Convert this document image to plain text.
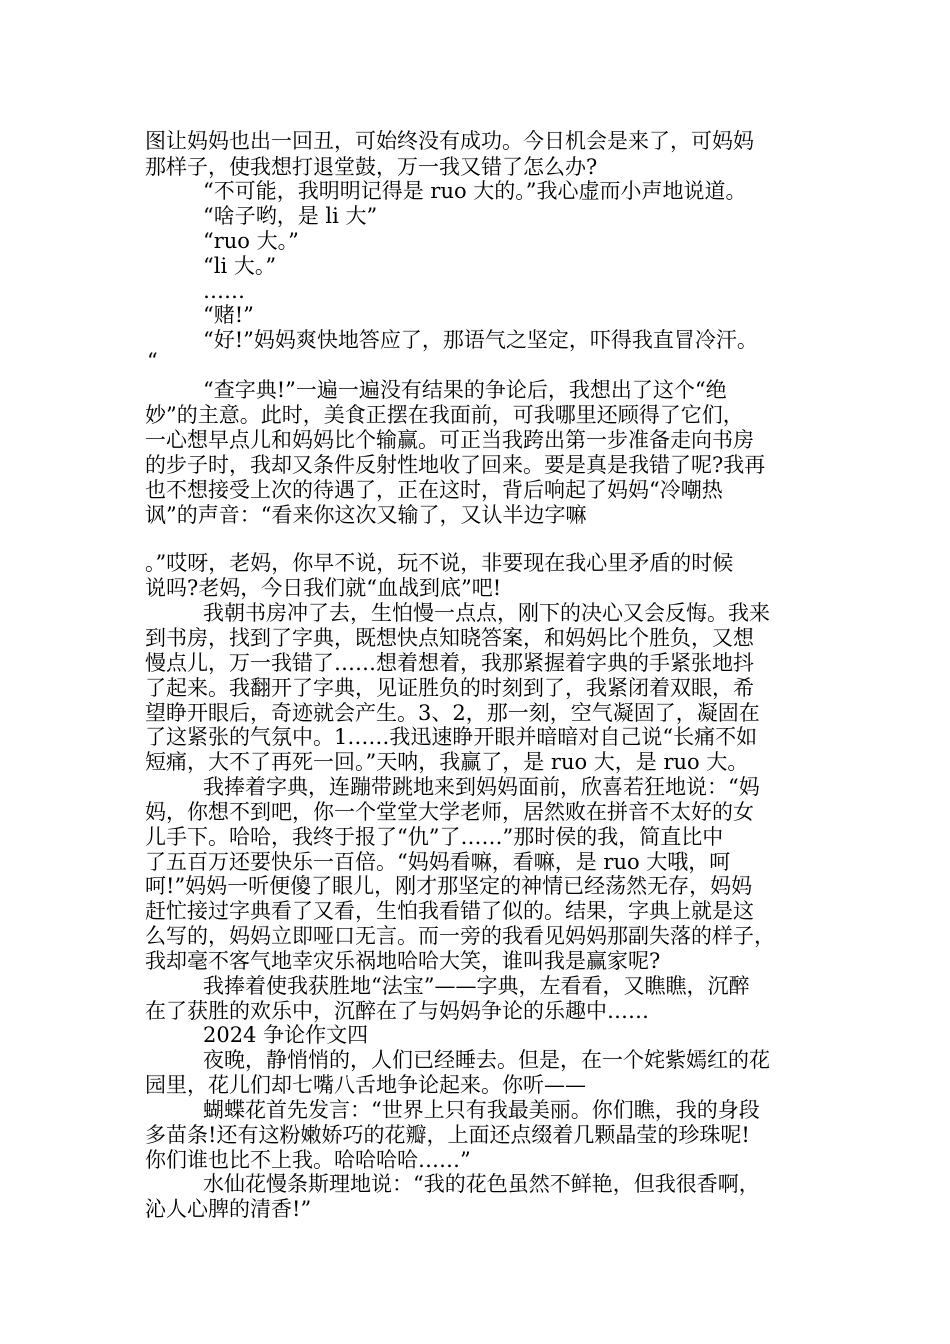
图让妈妈也出一回丑，可始终没有成功。今日机会是来了，可妈妈
那样子，使我想打退堂鼓，万一我又错了怎么办?
“不可能，我明明记得是 ruo 大的。”我心虚而小声地说道。
“啥子哟，是 li 大”
“ruo 大。”
“li 大。”
……
“赌!”
“好!”妈妈爽快地答应了，那语气之坚定，吓得我直冒冷汗。
“
“查字典!”一遍一遍没有结果的争论后，我想出了这个“绝
妙”的主意。此时，美食正摆在我面前，可我哪里还顾得了它们，
一心想早点儿和妈妈比个输赢。可正当我跨出第一步准备走向书房
的步子时，我却又条件反射性地收了回来。要是真是我错了呢?我再
也不想接受上次的待遇了，正在这时，背后响起了妈妈“冷嘲热
讽”的声音：“看来你这次又输了，又认半边字嘛
。”哎呀，老妈，你早不说，玩不说，非要现在我心里矛盾的时候
说吗?老妈，今日我们就“血战到底”吧!
我朝书房冲了去，生怕慢一点点，刚下的决心又会反悔。我来
到书房，找到了字典，既想快点知晓答案，和妈妈比个胜负，又想
慢点儿，万一我错了……想着想着，我那紧握着字典的手紧张地抖
了起来。我翻开了字典，见证胜负的时刻到了，我紧闭着双眼，希
望睁开眼后，奇迹就会产生。3、2，那一刻，空气凝固了，凝固在
了这紧张的气氛中。1……我迅速睁开眼并暗暗对自己说“长痛不如
短痛，大不了再死一回。”天呐，我赢了，是 ruo 大，是 ruo 大。
我捧着字典，连蹦带跳地来到妈妈面前，欣喜若狂地说：“妈
妈，你想不到吧，你一个堂堂大学老师，居然败在拼音不太好的女
儿手下。哈哈，我终于报了“仇”了……”那时侯的我，简直比中
了五百万还要快乐一百倍。“妈妈看嘛，看嘛，是 ruo 大哦，呵
呵!”妈妈一听便傻了眼儿，刚才那坚定的神情已经荡然无存，妈妈
赶忙接过字典看了又看，生怕我看错了似的。结果，字典上就是这
么写的，妈妈立即哑口无言。而一旁的我看见妈妈那副失落的样子，
我却毫不客气地幸灾乐祸地哈哈大笑，谁叫我是赢家呢?
我捧着使我获胜地“法宝”——字典，左看看，又瞧瞧，沉醉
在了获胜的欢乐中，沉醉在了与妈妈争论的乐趣中……
2024 争论作文四
夜晚，静悄悄的，人们已经睡去。但是，在一个姹紫嫣红的花
园里，花儿们却七嘴八舌地争论起来。你听——
蝴蝶花首先发言：“世界上只有我最美丽。你们瞧，我的身段
多苗条!还有这粉嫩娇巧的花瓣，上面还点缀着几颗晶莹的珍珠呢!
你们谁也比不上我。哈哈哈哈……”
水仙花慢条斯理地说：“我的花色虽然不鲜艳，但我很香啊，
沁人心脾的清香!”
